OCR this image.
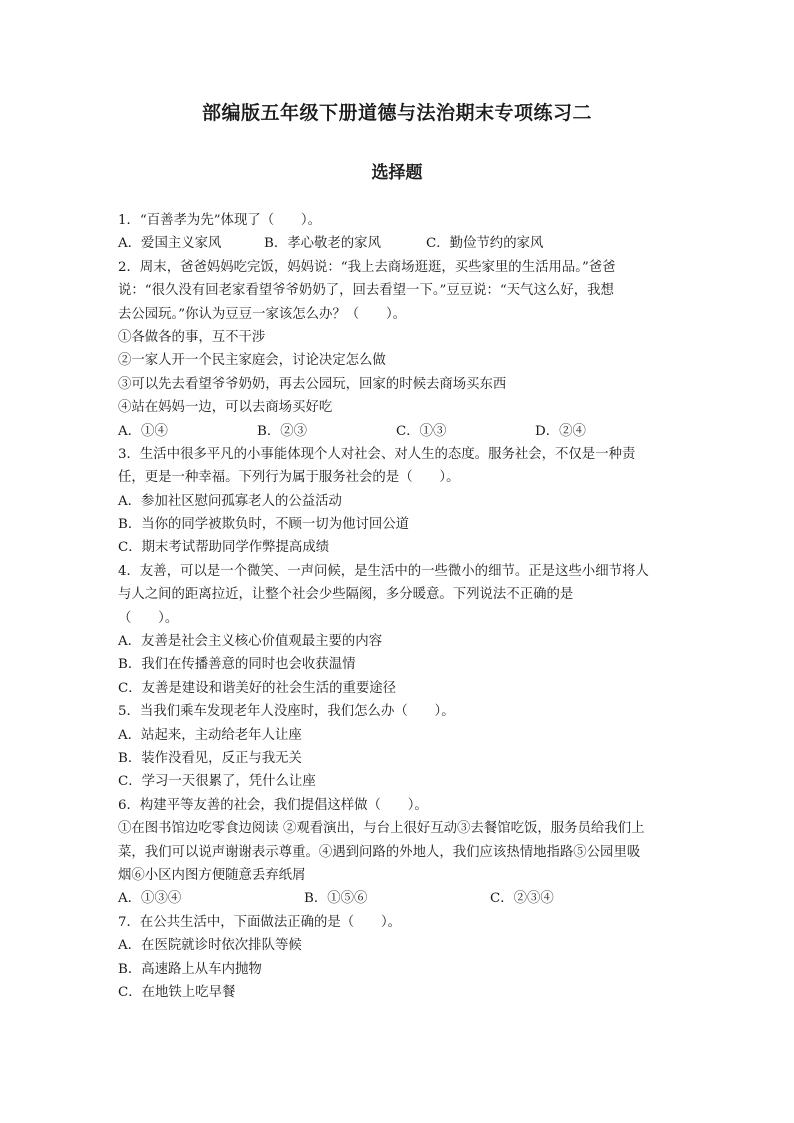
部编版五年级下册道德与法治期末专项练习二
选择题
1．“百善孝为先”体现了（　　）。
A．爱国主义家风	B．孝心敬老的家风	C．勤俭节约的家风
2．周末，爸爸妈妈吃完饭，妈妈说：“我上去商场逛逛，买些家里的生活用品。”爸爸
说：“很久没有回老家看望爷爷奶奶了，回去看望一下。”豆豆说：“天气这么好，我想
去公园玩。”你认为豆豆一家该怎么办？（　　）。
①各做各的事，互不干涉
②一家人开一个民主家庭会，讨论决定怎么做
③可以先去看望爷爷奶奶，再去公园玩，回家的时候去商场买东西
④站在妈妈一边，可以去商场买好吃
A．①④	B．②③	C．①③	D．②④
3．生活中很多平凡的小事能体现个人对社会、对人生的态度。服务社会，不仅是一种责
任，更是一种幸福。下列行为属于服务社会的是（　　）。
A．参加社区慰问孤寡老人的公益活动
B．当你的同学被欺负时，不顾一切为他讨回公道
C．期末考试帮助同学作弊提高成绩
4．友善，可以是一个微笑、一声问候，是生活中的一些微小的细节。正是这些小细节将人
与人之间的距离拉近，让整个社会少些隔阂，多分暖意。下列说法不正确的是
（　　）。
A．友善是社会主义核心价值观最主要的内容
B．我们在传播善意的同时也会收获温情
C．友善是建设和谐美好的社会生活的重要途径
5．当我们乘车发现老年人没座时，我们怎么办（　　）。
A．站起来，主动给老年人让座
B．装作没看见，反正与我无关
C．学习一天很累了，凭什么让座
6．构建平等友善的社会，我们提倡这样做（　　）。
①在图书馆边吃零食边阅读 ②观看演出，与台上很好互动③去餐馆吃饭，服务员给我们上
菜，我们可以说声谢谢表示尊重。④遇到问路的外地人，我们应该热情地指路⑤公园里吸
烟⑥小区内图方便随意丢弃纸屑
A．①③④	B．①⑤⑥	C．②③④
7．在公共生活中，下面做法正确的是（　　）。
A．在医院就诊时依次排队等候
B．高速路上从车内抛物
C．在地铁上吃早餐
